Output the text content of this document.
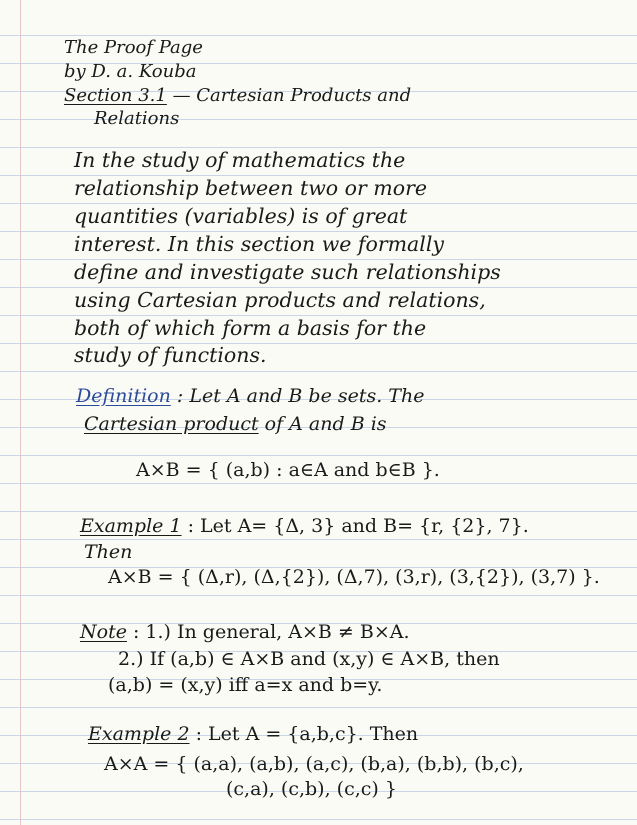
The Proof Page
by D. a. Kouba
Section 3.1 — Cartesian Products and
Relations
In the study of mathematics the
relationship between two or more
quantities (variables) is of great
interest. In this section we formally
define and investigate such relationships
using Cartesian products and relations,
both of which form a basis for the
study of functions.
Definition : Let A and B be sets. The
Cartesian product of A and B is
A×B = { (a,b) : a∈A and b∈B }.
Example 1 : Let A= {Δ, 3} and B= {r, {2}, 7}.
Then
A×B = { (Δ,r), (Δ,{2}), (Δ,7), (3,r), (3,{2}), (3,7) }.
Note : 1.) In general, A×B ≠ B×A.
2.) If (a,b) ∈ A×B and (x,y) ∈ A×B, then
(a,b) = (x,y) iff a=x and b=y.
Example 2 : Let A = {a,b,c}. Then
A×A = { (a,a), (a,b), (a,c), (b,a), (b,b), (b,c),
(c,a), (c,b), (c,c) }
